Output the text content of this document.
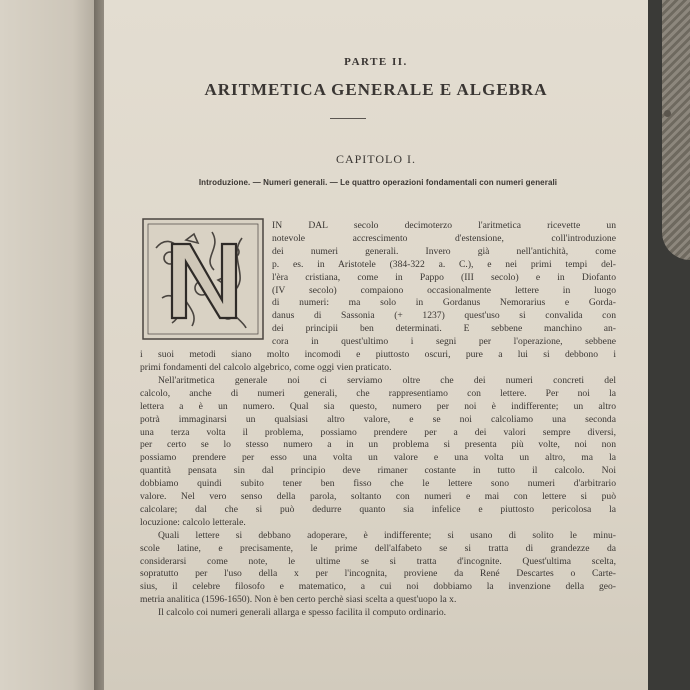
PARTE II.
ARITMETICA GENERALE E ALGEBRA
CAPITOLO I.
Introduzione. — Numeri generali. — Le quattro operazioni fondamentali con numeri generali
IN DAL secolo decimoterzo l'aritmetica ricevette un
notevole accrescimento d'estensione, coll'introduzione
dei numeri generali. Invero già nell'antichità, come
p. es. in Aristotele (384-322 a. C.), e nei primi tempi del-
l'èra cristiana, come in Pappo (III secolo) e in Diofanto
(IV secolo) compaiono occasionalmente lettere in luogo
di numeri: ma solo in Gordanus Nemorarius e Gorda-
danus di Sassonia (+ 1237) quest'uso si convalida con
dei principii ben determinati. E sebbene manchino an-
cora in quest'ultimo i segni per l'operazione, sebbene
i suoi metodi siano molto incomodi e piuttosto oscuri, pure a lui si debbono i
primi fondamenti del calcolo algebrico, come oggi vien praticato.
Nell'aritmetica generale noi ci serviamo oltre che dei numeri concreti del
calcolo, anche di numeri generali, che rappresentiamo con lettere. Per noi la
lettera a è un numero. Qual sia questo, numero per noi è indifferente; un altro
potrà immaginarsi un qualsiasi altro valore, e se noi calcoliamo una seconda
una terza volta il problema, possiamo prendere per a dei valori sempre diversi,
per certo se lo stesso numero a in un problema si presenta più volte, noi non
possiamo prendere per esso una volta un valore e una volta un altro, ma la
quantità pensata sin dal principio deve rimaner costante in tutto il calcolo. Noi
dobbiamo quindi subito tener ben fisso che le lettere sono numeri d'arbitrario
valore. Nel vero senso della parola, soltanto con numeri e mai con lettere si può
calcolare; dal che si può dedurre quanto sia infelice e piuttosto pericolosa la
locuzione: calcolo letterale.
Quali lettere si debbano adoperare, è indifferente; si usano di solito le minu-
scole latine, e precisamente, le prime dell'alfabeto se si tratta di grandezze da
considerarsi come note, le ultime se si tratta d'incognite. Quest'ultima scelta,
sopratutto per l'uso della x per l'incognita, proviene da René Descartes o Carte-
sius, il celebre filosofo e matematico, a cui noi dobbiamo la invenzione della geo-
metria analitica (1596-1650). Non è ben certo perchè siasi scelta a quest'uopo la x.
Il calcolo coi numeri generali allarga e spesso facilita il computo ordinario.
